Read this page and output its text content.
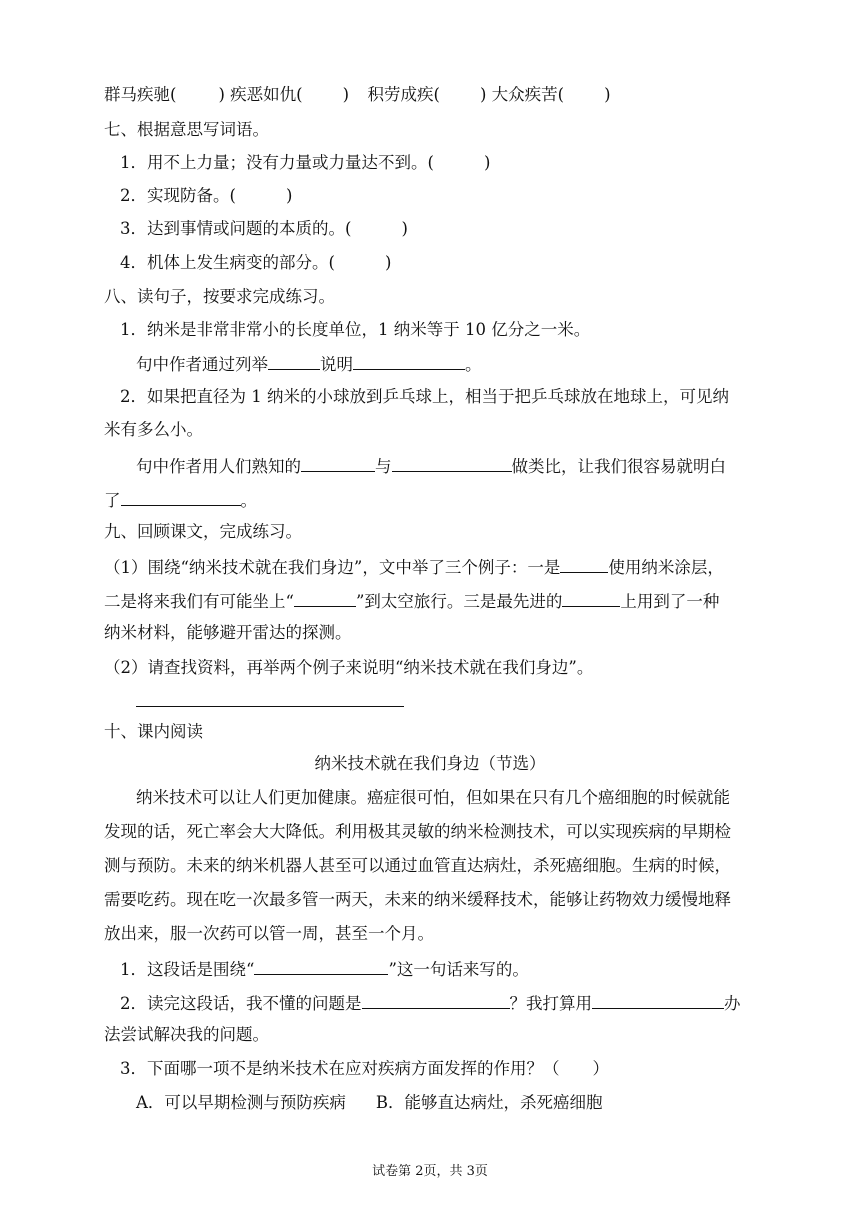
群马疾驰(	) 疾恶如仇( ) 积劳成疾( ) 大众疾苦( )
七、根据意思写词语。
1．用不上力量；没有力量或力量达不到。(	)
2．实现防备。(	)
3．达到事情或问题的本质的。(	)
4．机体上发生病变的部分。(	)
八、读句子，按要求完成练习。
1．纳米是非常非常小的长度单位，1 纳米等于 10 亿分之一米。
句中作者通过列举	说明	。
2．如果把直径为 1 纳米的小球放到乒乓球上，相当于把乒乓球放在地球上，可见纳
米有多么小。
句中作者用人们熟知的	与	做类比，让我们很容易就明白
了	。
九、回顾课文，完成练习。
（1）围绕“纳米技术就在我们身边”，文中举了三个例子：一是	使用纳米涂层，
二是将来我们有可能坐上“	”到太空旅行。三是最先进的	上用到了一种
纳米材料，能够避开雷达的探测。
（2）请查找资料，再举两个例子来说明“纳米技术就在我们身边”。
十、课内阅读
纳米技术就在我们身边（节选）
纳米技术可以让人们更加健康。癌症很可怕，但如果在只有几个癌细胞的时候就能
发现的话，死亡率会大大降低。利用极其灵敏的纳米检测技术，可以实现疾病的早期检
测与预防。未来的纳米机器人甚至可以通过血管直达病灶，杀死癌细胞。生病的时候，
需要吃药。现在吃一次最多管一两天，未来的纳米缓释技术，能够让药物效力缓慢地释
放出来，服一次药可以管一周，甚至一个月。
1．这段话是围绕“	”这一句话来写的。
2．读完这段话，我不懂的问题是	？我打算用	办
法尝试解决我的问题。
3．下面哪一项不是纳米技术在应对疾病方面发挥的作用？（　　）
A．可以早期检测与预防疾病 B．能够直达病灶，杀死癌细胞
试卷第 2页，共 3页
